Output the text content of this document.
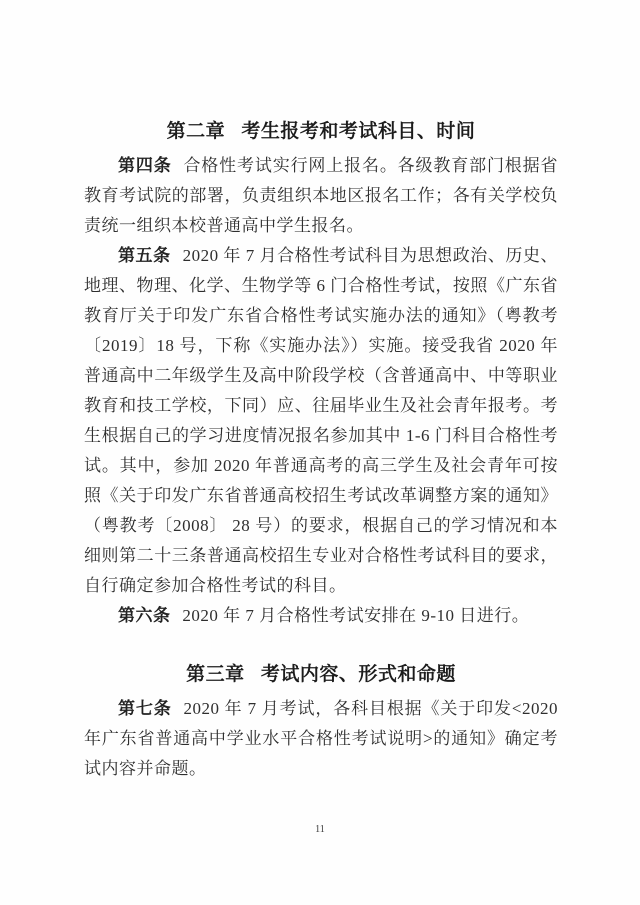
第二章 考生报考和考试科目、时间

第四条 合格性考试实行网上报名。各级教育部门根据省教育考试院的部署，负责组织本地区报名工作；各有关学校负责统一组织本校普通高中学生报名。

第五条 2020 年 7 月合格性考试科目为思想政治、历史、地理、物理、化学、生物学等 6 门合格性考试，按照《广东省教育厅关于印发广东省合格性考试实施办法的通知》（粤教考〔2019〕18 号，下称《实施办法》）实施。接受我省 2020 年普通高中二年级学生及高中阶段学校（含普通高中、中等职业教育和技工学校，下同）应、往届毕业生及社会青年报考。考生根据自己的学习进度情况报名参加其中 1-6 门科目合格性考试。其中，参加 2020 年普通高考的高三学生及社会青年可按照《关于印发广东省普通高校招生考试改革调整方案的通知》（粤教考〔2008〕 28 号）的要求，根据自己的学习情况和本细则第二十三条普通高校招生专业对合格性考试科目的要求，自行确定参加合格性考试的科目。

第六条 2020 年 7 月合格性考试安排在 9-10 日进行。

第三章 考试内容、形式和命题

第七条 2020 年 7 月考试，各科目根据《关于印发<2020 年广东省普通高中学业水平合格性考试说明>的通知》确定考试内容并命题。

11
